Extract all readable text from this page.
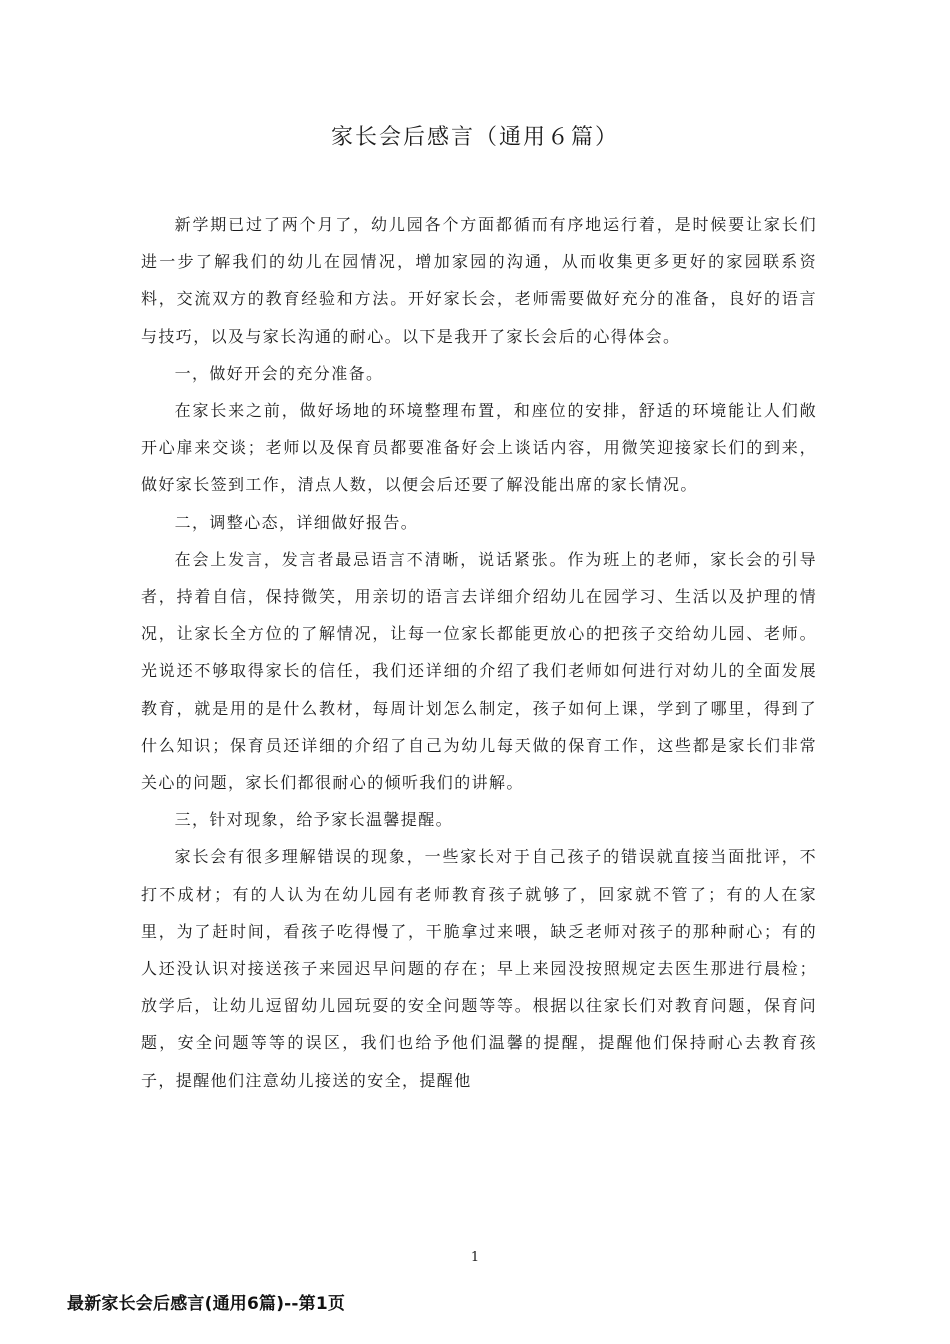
家长会后感言（通用６篇）

新学期已过了两个月了，幼儿园各个方面都循而有序地运行着，是时候要让家长们进一步了解我们的幼儿在园情况，增加家园的沟通，从而收集更多更好的家园联系资料，交流双方的教育经验和方法。开好家长会，老师需要做好充分的准备，良好的语言与技巧，以及与家长沟通的耐心。以下是我开了家长会后的心得体会。

一，做好开会的充分准备。

在家长来之前，做好场地的环境整理布置，和座位的安排，舒适的环境能让人们敞开心扉来交谈；老师以及保育员都要准备好会上谈话内容，用微笑迎接家长们的到来，做好家长签到工作，清点人数，以便会后还要了解没能出席的家长情况。

二，调整心态，详细做好报告。

在会上发言，发言者最忌语言不清晰，说话紧张。作为班上的老师，家长会的引导者，持着自信，保持微笑，用亲切的语言去详细介绍幼儿在园学习、生活以及护理的情况，让家长全方位的了解情况，让每一位家长都能更放心的把孩子交给幼儿园、老师。光说还不够取得家长的信任，我们还详细的介绍了我们老师如何进行对幼儿的全面发展教育，就是用的是什么教材，每周计划怎么制定，孩子如何上课，学到了哪里，得到了什么知识；保育员还详细的介绍了自己为幼儿每天做的保育工作，这些都是家长们非常关心的问题，家长们都很耐心的倾听我们的讲解。

三，针对现象，给予家长温馨提醒。

家长会有很多理解错误的现象，一些家长对于自己孩子的错误就直接当面批评，不打不成材；有的人认为在幼儿园有老师教育孩子就够了，回家就不管了；有的人在家里，为了赶时间，看孩子吃得慢了，干脆拿过来喂，缺乏老师对孩子的那种耐心；有的人还没认识对接送孩子来园迟早问题的存在；早上来园没按照规定去医生那进行晨检；放学后，让幼儿逗留幼儿园玩耍的安全问题等等。根据以往家长们对教育问题，保育问题，安全问题等等的误区，我们也给予他们温馨的提醒，提醒他们保持耐心去教育孩子，提醒他们注意幼儿接送的安全，提醒他

1

最新家长会后感言(通用6篇)--第1页
